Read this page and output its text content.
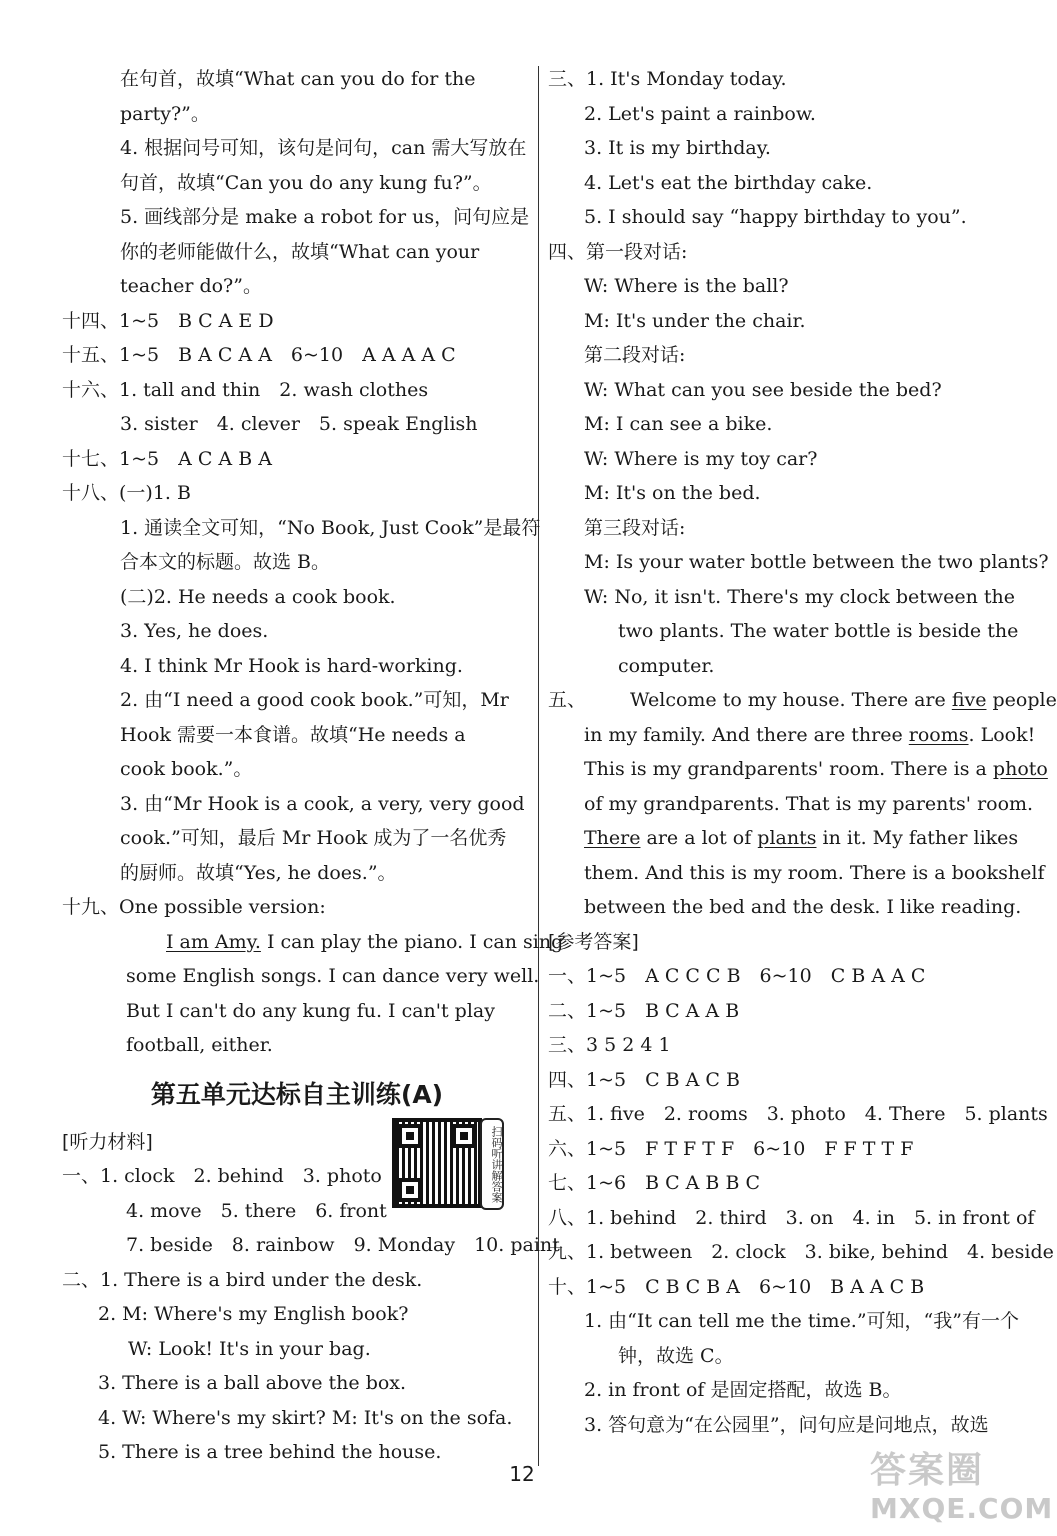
在句首，故填“What can you do for the
party?”。
4. 根据问号可知，该句是问句，can 需大写放在
句首，故填“Can you do any kung fu?”。
5. 画线部分是 make a robot for us，问句应是
你的老师能做什么，故填“What can your
teacher do?”。
十四、1~5　B C A E D
十五、1~5　B A C A A　6~10　A A A A C
十六、1. tall and thin　2. wash clothes
3. sister　4. clever　5. speak English
十七、1~5　A C A B A
十八、(一)1. B
1. 通读全文可知，“No Book, Just Cook”是最符
合本文的标题。故选 B。
(二)2. He needs a cook book.
3. Yes, he does.
4. I think Mr Hook is hard-working.
2. 由“I need a good cook book.”可知，Mr
Hook 需要一本食谱。故填“He needs a
cook book.”。
3. 由“Mr Hook is a cook, a very, very good
cook.”可知，最后 Mr Hook 成为了一名优秀
的厨师。故填“Yes, he does.”。
十九、One possible version:
I am Amy. I can play the piano. I can sing
some English songs. I can dance very well.
But I can't do any kung fu. I can't play
football, either.
第五单元达标自主训练(A)
[听力材料]
一、1. clock　2. behind　3. photo
4. move　5. there　6. front
7. beside　8. rainbow　9. Monday　10. paint
二、1. There is a bird under the desk.
2. M: Where's my English book?
W: Look! It's in your bag.
3. There is a ball above the box.
4. W: Where's my skirt? M: It's on the sofa.
5. There is a tree behind the house.
扫码听讲解答案
三、1. It's Monday today.
2. Let's paint a rainbow.
3. It is my birthday.
4. Let's eat the birthday cake.
5. I should say “happy birthday to you”.
四、第一段对话:
W: Where is the ball?
M: It's under the chair.
第二段对话:
W: What can you see beside the bed?
M: I can see a bike.
W: Where is my toy car?
M: It's on the bed.
第三段对话:
M: Is your water bottle between the two plants?
W: No, it isn't. There's my clock between the
two plants. The water bottle is beside the
computer.
五、 Welcome to my house. There are five people
in my family. And there are three rooms. Look!
This is my grandparents' room. There is a photo
of my grandparents. That is my parents' room.
There are a lot of plants in it. My father likes
them. And this is my room. There is a bookshelf
between the bed and the desk. I like reading.
[参考答案]
一、1~5　A C C C B　6~10　C B A A C
二、1~5　B C A A B
三、3 5 2 4 1
四、1~5　C B A C B
五、1. five　2. rooms　3. photo　4. There　5. plants
六、1~5　F T F T F　6~10　F F T T F
七、1~6　B C A B B C
八、1. behind　2. third　3. on　4. in　5. in front of
九、1. between　2. clock　3. bike, behind　4. beside
十、1~5　C B C B A　6~10　B A A C B
1. 由“It can tell me the time.”可知，“我”有一个
钟，故选 C。
2. in front of 是固定搭配，故选 B。
3. 答句意为“在公园里”，问句应是问地点，故选
12	答案圈
MXQE.COM
